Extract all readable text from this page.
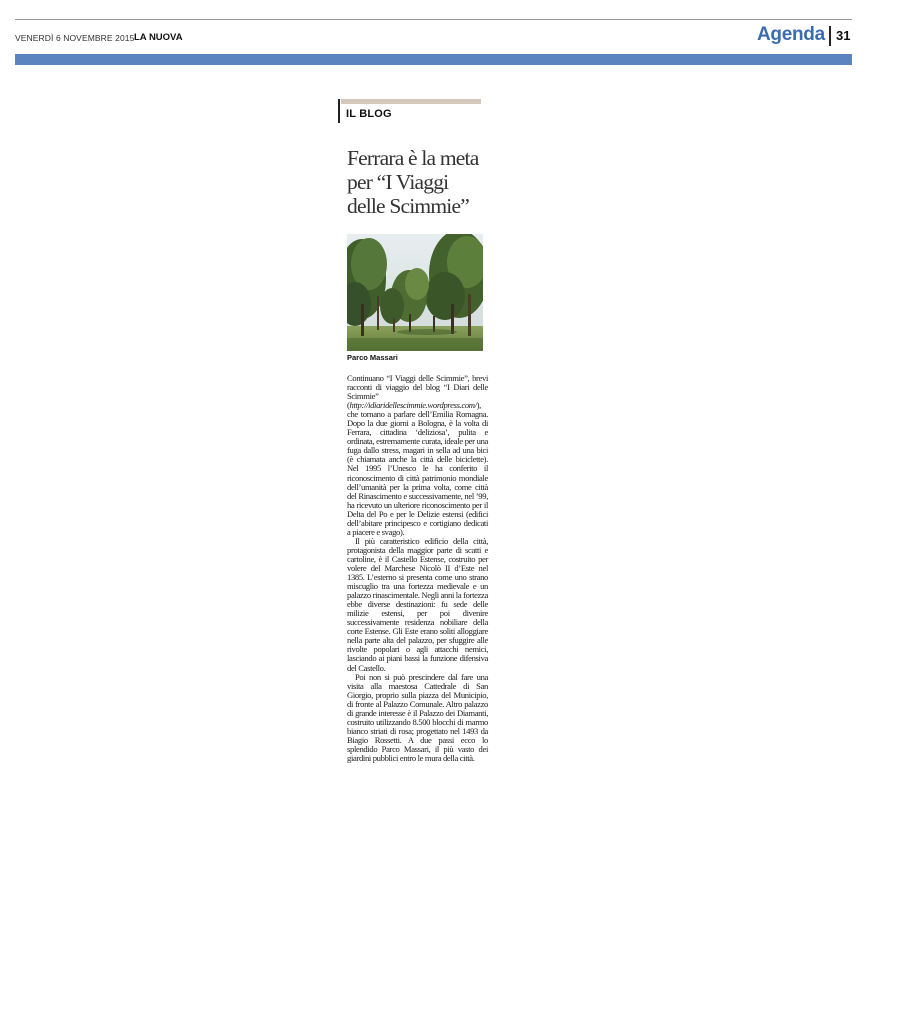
VENERDÌ 6 NOVEMBRE 2015 LA NUOVA	Agenda 31
IL BLOG
Ferrara è la meta
per “I Viaggi
delle Scimmie”
Parco Massari

Continuano “I Viaggi delle Scimmie”, brevi racconti di viaggio del blog “I Diari delle Scimmie” (http://idiaridellescimmie.wordpress.com/), che tornano a parlare dell’Emilia Romagna. Dopo la due giorni a Bologna, è la volta di Ferrara, cittadina ‘deliziosa’, pulita e ordinata, estremamente curata, ideale per una fuga dallo stress, magari in sella ad una bici (è chiamata anche la città delle biciclette). Nel 1995 l’Unesco le ha conferito il riconoscimento di città patrimonio mondiale dell’umanità per la prima volta, come città del Rinascimento e successivamente, nel ’99, ha ricevuto un ulteriore riconoscimento per il Delta del Po e per le Delizie estensi (edifici dell’abitare principesco e cortigiano dedicati a piacere e svago).

Il più caratteristico edificio della città, protagonista della maggior parte di scatti e cartoline, è il Castello Estense, costruito per volere del Marchese Nicolò II d’Este nel 1385. L’esterno si presenta come uno strano miscuglio tra una fortezza medievale e un palazzo rinascimentale. Negli anni la fortezza ebbe diverse destinazioni: fu sede delle milizie estensi, per poi divenire successivamente residenza nobiliare della corte Estense. Gli Este erano soliti alloggiare nella parte alta del palazzo, per sfuggire alle rivolte popolari o agli attacchi nemici, lasciando ai piani bassi la funzione difensiva del Castello.

Poi non si può prescindere dal fare una visita alla maestosa Cattedrale di San Giorgio, proprio sulla piazza del Municipio, di fronte al Palazzo Comunale. Altro palazzo di grande interesse è il Palazzo dei Diamanti, costruito utilizzando 8.500 blocchi di marmo bianco striati di rosa; progettato nel 1493 da Biagio Rossetti. A due passi ecco lo splendido Parco Massari, il più vasto dei giardini pubblici entro le mura della città.
